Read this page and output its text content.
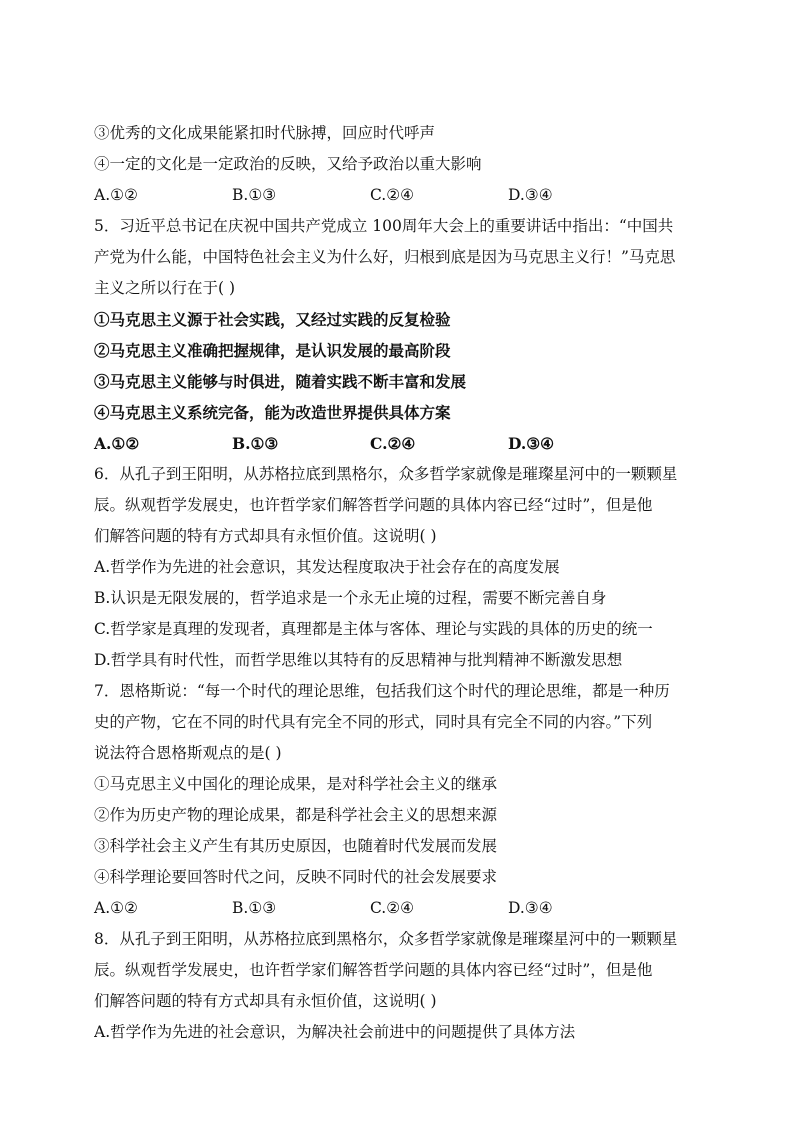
③优秀的文化成果能紧扣时代脉搏，回应时代呼声
④一定的文化是一定政治的反映，又给予政治以重大影响
A.①②	B.①③	C.②④	D.③④
5．习近平总书记在庆祝中国共产党成立 100周年大会上的重要讲话中指出：“中国共
产党为什么能，中国特色社会主义为什么好，归根到底是因为马克思主义行！”马克思
主义之所以行在于( )
①马克思主义源于社会实践，又经过实践的反复检验
②马克思主义准确把握规律，是认识发展的最高阶段
③马克思主义能够与时俱进，随着实践不断丰富和发展
④马克思主义系统完备，能为改造世界提供具体方案
A.①②	B.①③	C.②④	D.③④
6．从孔子到王阳明，从苏格拉底到黑格尔，众多哲学家就像是璀璨星河中的一颗颗星
辰。纵观哲学发展史，也许哲学家们解答哲学问题的具体内容已经“过时”，但是他
们解答问题的特有方式却具有永恒价值。这说明( )
A.哲学作为先进的社会意识，其发达程度取决于社会存在的高度发展
B.认识是无限发展的，哲学追求是一个永无止境的过程，需要不断完善自身
C.哲学家是真理的发现者，真理都是主体与客体、理论与实践的具体的历史的统一
D.哲学具有时代性，而哲学思维以其特有的反思精神与批判精神不断激发思想
7．恩格斯说：“每一个时代的理论思维，包括我们这个时代的理论思维，都是一种历
史的产物，它在不同的时代具有完全不同的形式，同时具有完全不同的内容。”下列
说法符合恩格斯观点的是( )
①马克思主义中国化的理论成果，是对科学社会主义的继承
②作为历史产物的理论成果，都是科学社会主义的思想来源
③科学社会主义产生有其历史原因，也随着时代发展而发展
④科学理论要回答时代之问，反映不同时代的社会发展要求
A.①②	B.①③	C.②④	D.③④
8．从孔子到王阳明，从苏格拉底到黑格尔，众多哲学家就像是璀璨星河中的一颗颗星
辰。纵观哲学发展史，也许哲学家们解答哲学问题的具体内容已经“过时”，但是他
们解答问题的特有方式却具有永恒价值，这说明( )
A.哲学作为先进的社会意识，为解决社会前进中的问题提供了具体方法
